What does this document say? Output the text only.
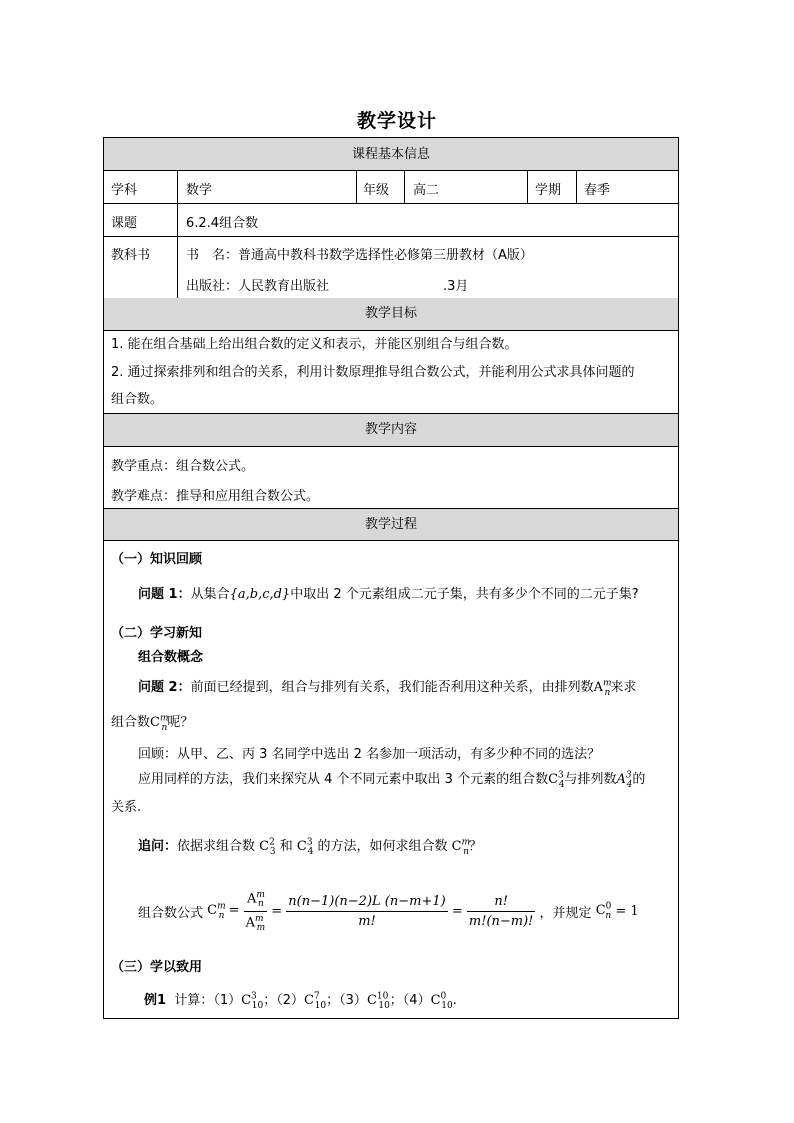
教学设计
课程基本信息
学科	数学	年级 高二	学期 春季
课题	6.2.4组合数
教科书	书　名：普通高中教科书数学选择性必修第三册教材（A版）
出版社：人民教育出版社	.3月
教学目标
1. 能在组合基础上给出组合数的定义和表示，并能区别组合与组合数。
2. 通过探索排列和组合的关系，利用计数原理推导组合数公式，并能利用公式求具体问题的
组合数。
教学内容
教学重点：组合数公式。
教学难点：推导和应用组合数公式。
教学过程
（一）知识回顾
问题 1：从集合{a,b,c,d}中取出 2 个元素组成二元子集，共有多少个不同的二元子集?
（二）学习新知
组合数概念
问题 2：前面已经提到，组合与排列有关系，我们能否利用这种关系，由排列数$A^m_n$来求
组合数$C^m_n$呢？
回顾：从甲、乙、丙 3 名同学中选出 2 名参加一项活动，有多少种不同的选法？
应用同样的方法，我们来探究从 4 个不同元素中取出 3 个元素的组合数$C^3_4$与排列数$A^3_4$的
关系.
追问：依据求组合数 $C^2_3$ 和 $C^3_4$ 的方法，如何求组合数 $C^m_n$？
组合数公式 $C^m_n = \frac{A^m_n}{A^m_m} = \frac{n(n-1)(n-2)L (n-m+1)}{m!} = \frac{n!}{m!(n-m)!}$ ，并规定 $C^0_n = 1$
（三）学以致用
例1 计算：$(1)C^3_{10}$；$(2)C^7_{10}$；$(3)C^{10}_{10}$；$(4)C^0_{10}$.
